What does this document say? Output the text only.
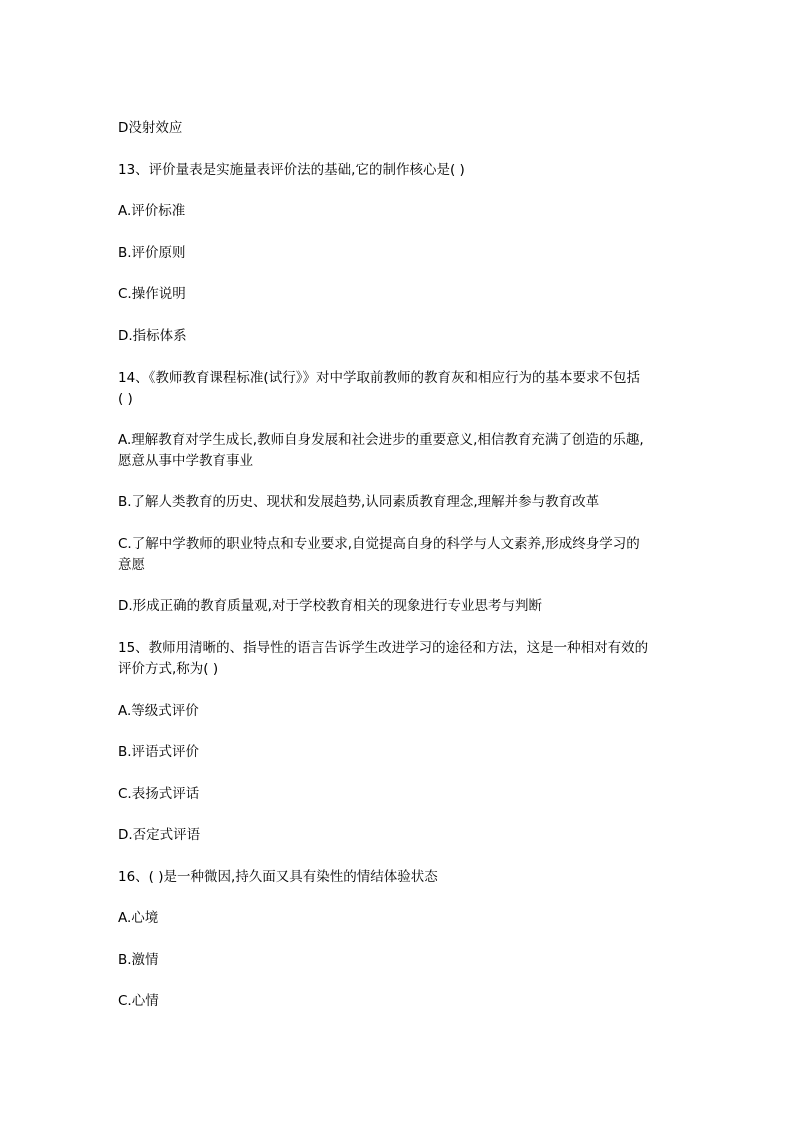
D没射效应
13、评价量表是实施量表评价法的基础,它的制作核心是( )
A.评价标准
B.评价原则
C.操作说明
D.指标体系
14、《教师教育课程标准(试行》》对中学取前教师的教育灰和相应行为的基本要求不包括
( )
A.理解教育对学生成长,教师自身发展和社会进步的重要意义,相信教育充满了创造的乐趣,
愿意从事中学教育事业
B.了解人类教育的历史、现状和发展趋势,认同素质教育理念,理解并参与教育改革
C.了解中学教师的职业特点和专业要求,自觉提高自身的科学与人文素养,形成终身学习的
意愿
D.形成正确的教育质量观,对于学校教育相关的现象进行专业思考与判断
15、教师用清晰的、指导性的语言告诉学生改进学习的途径和方法，这是一种相对有效的
评价方式,称为( )
A.等级式评价
B.评语式评价
C.表扬式评话
D.否定式评语
16、( )是一种微因,持久面又具有染性的情结体验状态
A.心境
B.激情
C.心情
